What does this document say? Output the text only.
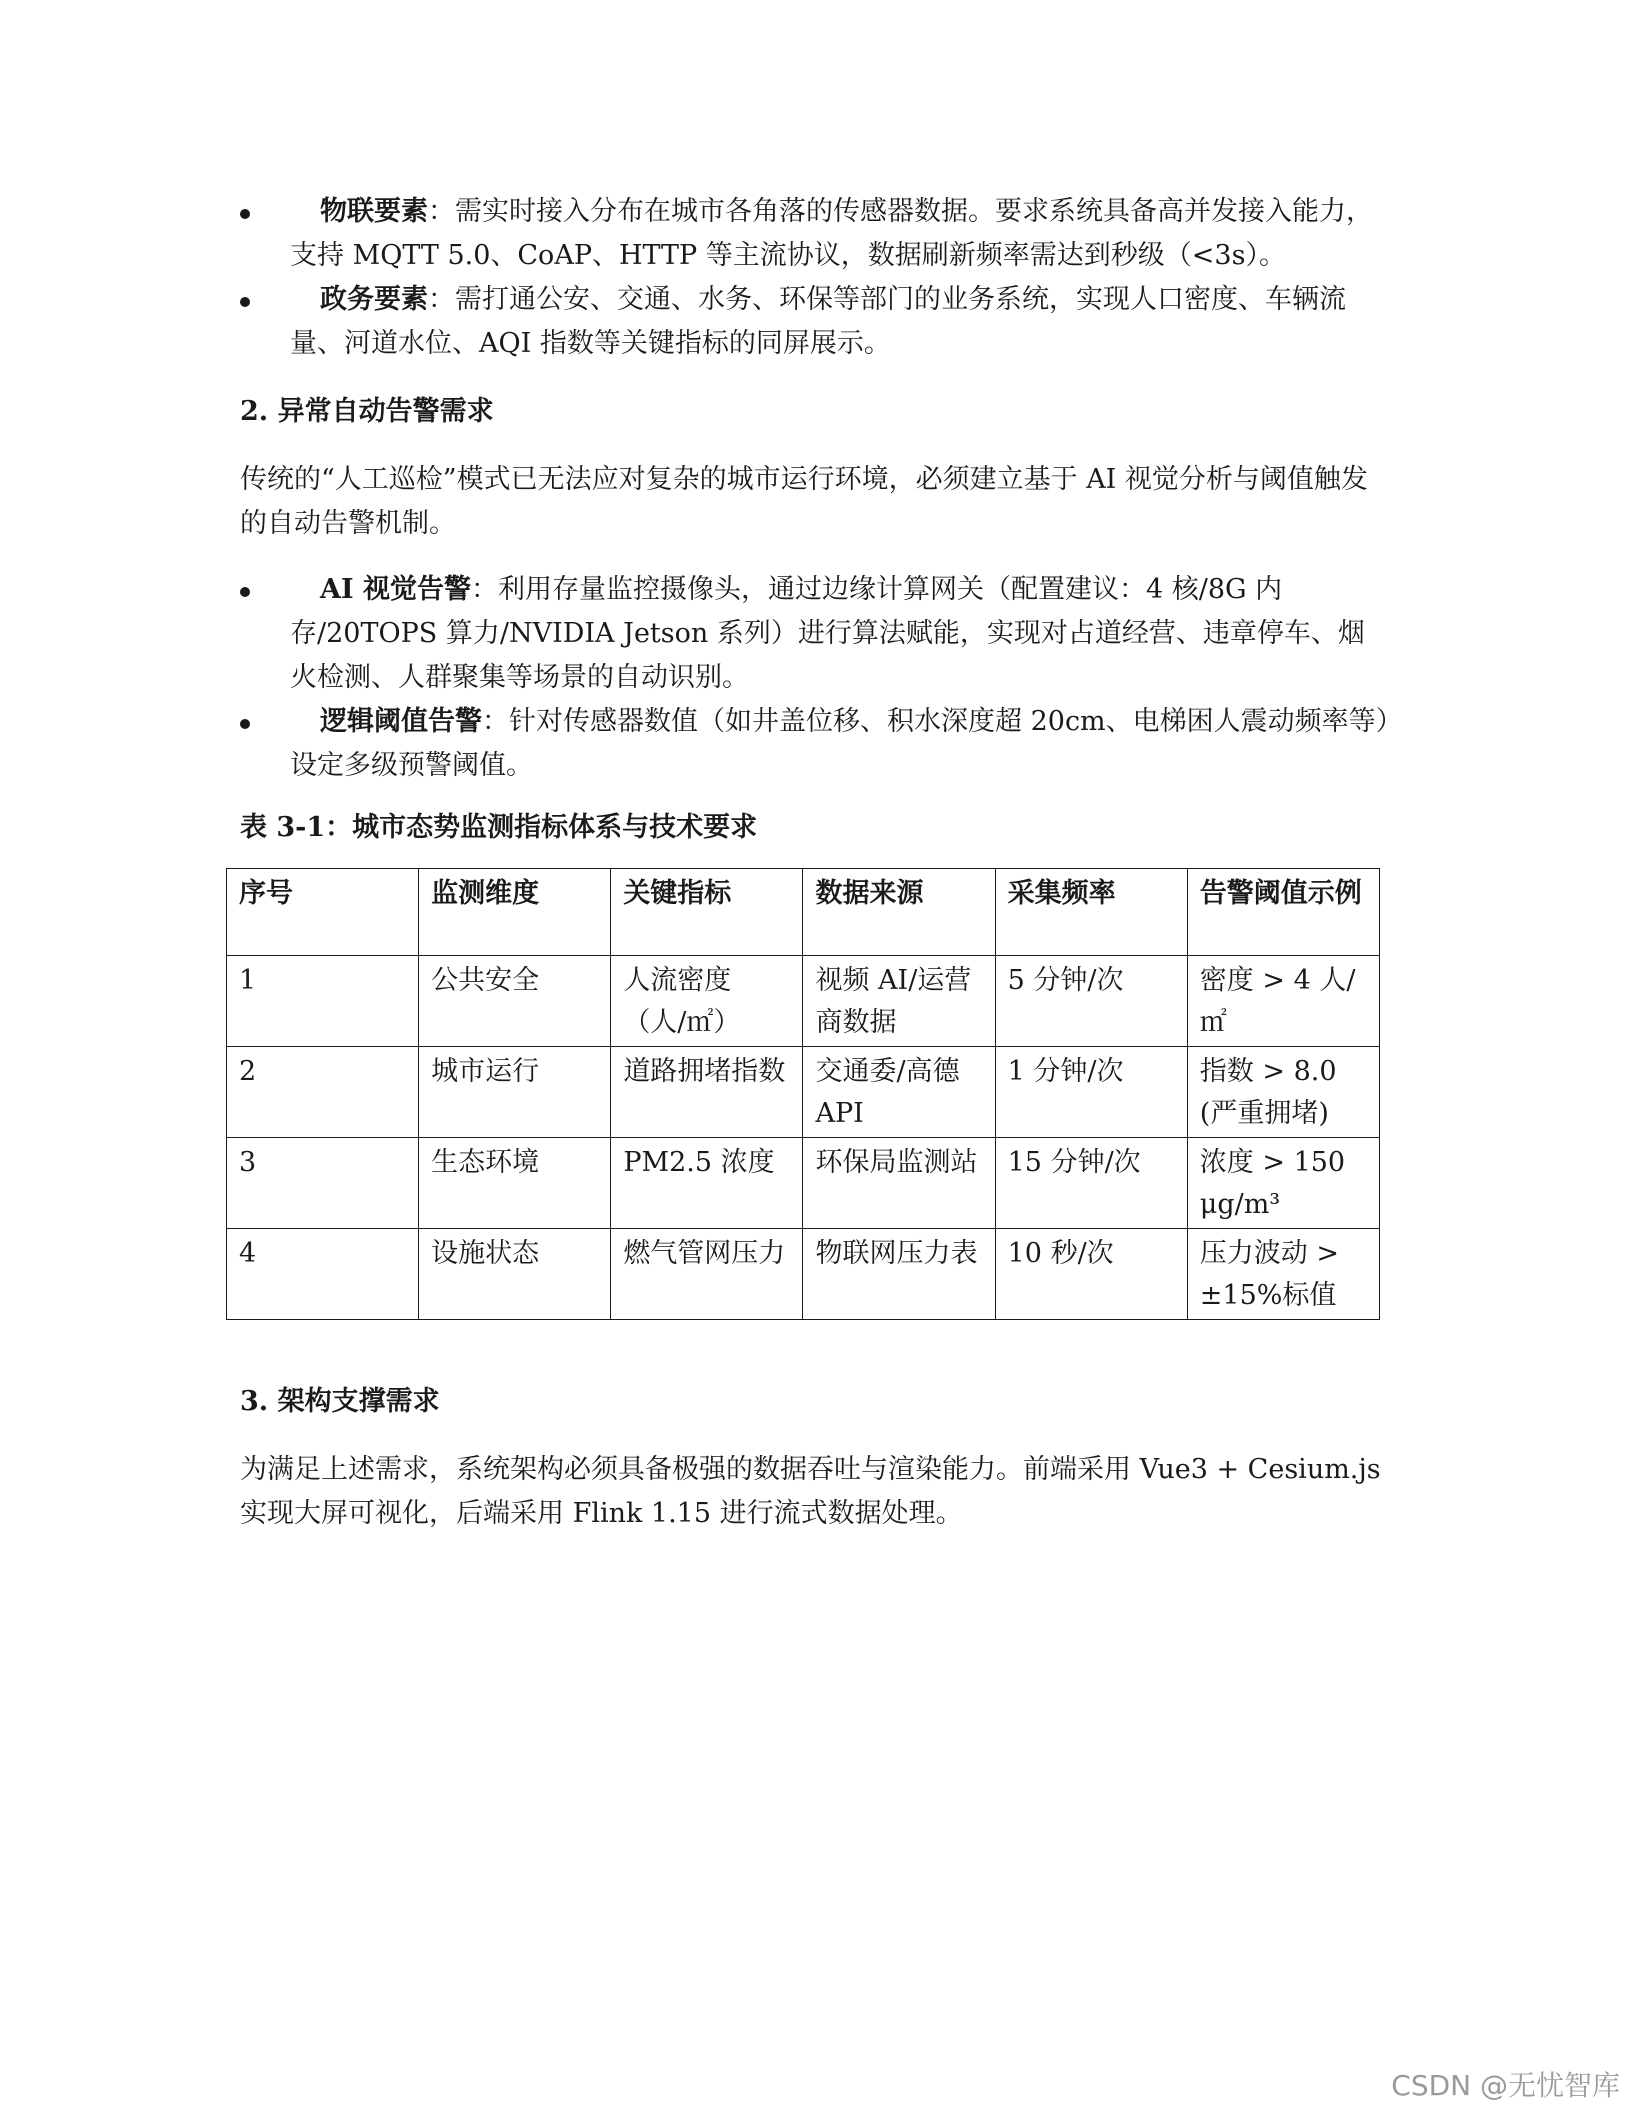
物联要素：需实时接入分布在城市各角落的传感器数据。要求系统具备高并发接入能力，支持 MQTT 5.0、CoAP、HTTP 等主流协议，数据刷新频率需达到秒级（<3s）。
政务要素：需打通公安、交通、水务、环保等部门的业务系统，实现人口密度、车辆流量、河道水位、AQI 指数等关键指标的同屏展示。
2. 异常自动告警需求

传统的“人工巡检”模式已无法应对复杂的城市运行环境，必须建立基于 AI 视觉分析与阈值触发的自动告警机制。

AI 视觉告警：利用存量监控摄像头，通过边缘计算网关（配置建议：4 核/8G 内存/20TOPS 算力/NVIDIA Jetson 系列）进行算法赋能，实现对占道经营、违章停车、烟火检测、人群聚集等场景的自动识别。
逻辑阈值告警：针对传感器数值（如井盖位移、积水深度超 20cm、电梯困人震动频率等）设定多级预警阈值。

表 3-1：城市态势监测指标体系与技术要求

序号	监测维度	关键指标	数据来源	采集频率	告警阈值示例
1	公共安全	人流密度（人/㎡）	视频 AI/运营商数据	5 分钟/次	密度 > 4 人/㎡
2	城市运行	道路拥堵指数	交通委/高德 API	1 分钟/次	指数 > 8.0 (严重拥堵)
3	生态环境	PM2.5 浓度	环保局监测站	15 分钟/次	浓度 > 150 μg/m³
4	设施状态	燃气管网压力	物联网压力表	10 秒/次	压力波动 > ±15%标值
3. 架构支撑需求

为满足上述需求，系统架构必须具备极强的数据吞吐与渲染能力。前端采用 Vue3 + Cesium.js 实现大屏可视化，后端采用 Flink 1.15 进行流式数据处理。

CSDN @无忧智库
